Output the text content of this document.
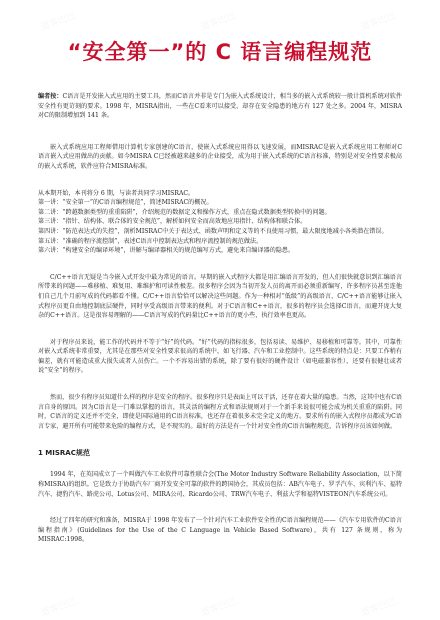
道客巴巴	道客巴巴	道客巴巴
道客巴巴	道客巴巴	道客巴巴
“安全第一”的 C 语言编程规范

编者按：C语言是开发嵌入式应用的主要工具，然而C语言并非是专门为嵌入式系统设计，相当多的嵌入式系统较一般计算机系统对软件安全性有更苛刻的要求。1998 年，MISRA指出，一些在C看来可以接受，却存在安全隐患的地方有 127 处之多。2004 年，MISRA 对C的限制增加到 141 条。

嵌入式系统应用工程师借用计算机专家创建的C语言，使嵌入式系统应用得以飞速发展，而MISRAC是嵌入式系统应用工程师对C语言嵌入式应用做出的贡献。如今MISRA C已经被越来越多的企业接受，成为用于嵌入式系统的C语言标准，特别是对安全性要求极高的嵌入式系统，软件应符合MISRA标准。

从本期开始，本刊将分 6 期，与读者共同学习MISRAC。

第一讲：“安全第一”的C语言编程规范”，简述MISRAC的概况。

第二讲：“跨越数据类型的重重陷阱”，介绍规范的数据定义和操作方式，重点在隐式数据类型转换中的问题。

第三讲：“指针、结构体、联合体的安全规范”，解析如何安全而高效地应用指针、结构体和联合体。

第四讲：“防范表达式的失控”，剖析MISRAC中关于表达式、函数声明和定义等的不良使用习惯，最大限度地减小各类潜在错误。

第五讲：“准确的程序流控制”，表述C语言中控制表达式和程序流控制的规范做法。

第六讲：“构建安全的编译环境”，讲解与编译器相关的规范编写方式，避免来自编译器的隐患。

C/C++语言无疑是当今嵌入式开发中最为常见的语言。早期的嵌入式程序大都是用汇编语言开发的，但人们很快就意识到汇编语言所带来的问题——难移植、难复用、难维护和可读性极差。很多程序会因为当初开发人员的离开而必须重新编写，许多程序员甚至连他们自己几个月前写成的代码都看不懂。C/C++语言恰恰可以解决这些问题。作为一种相对“低级”的高级语言，C/C++语言能够让嵌入式程序员更自由地控制底层硬件，同时享受高级语言带来的便利。对于C语言和C++语言，很多的程序员会选择C语言，而避开庞大复杂的C++语言。这是很容易理解的——C语言写成的代码量比C++语言的更小些，执行效率也更高。

对于程序员来说，能工作的代码并不等于“好”的代码。“好”代码的指标很多，包括易读、易维护、易移植和可靠等。其中，可靠性对嵌入式系统非常重要，尤其是在那些对安全性要求很高的系统中，如飞行器、汽车和工业控制中。这些系统的特点是：只要工作稍有偏差，就有可能造成重大损失或者人员伤亡。一个不容易出错的系统，除了要有很好的硬件设计（如电磁兼容性），还要有很健壮或者说“安全”的程序。

然而，很少有程序员知道什么样的程序是安全的程序。很多程序只是表面上可以干活，还存在着大量的隐患。当然，这其中也有C语言自身的原因。因为C语言是一门难以掌握的语言，其灵活的编程方式和语法规则对于一个新手来说很可能会成为机关重重的陷阱。同时，C语言的定义还并不完全，即使是国际通用的C语言标准，也还存在着很多未完全定义的地方。要求所有的嵌入式程序员都成为C语言专家，避开所有可能带来危险的编程方式，是不现实的。最好的方法是有一个针对安全性的C语言编程规范，告诉程序员该如何做。

1 MISRAC规范

1994 年，在英国成立了一个叫做汽车工业软件可靠性联合会(The Motor Industry Software Reliability Association，以下简称MISRA)的组织。它是致力于协助汽车厂商开发安全可靠的软件的跨国协会，其成员包括：AB汽车电子、罗孚汽车、宾利汽车、福特汽车、捷豹汽车、路虎公司、Lotus公司、MIRA公司、Ricardo公司、TRW汽车电子、利兹大学和福特VISTEON汽车系统公司。

经过了四年的研究和准备，MISRA于 1998 年发布了一个针对汽车工业软件安全性的C语言编程规范——《汽车专用软件的C语言编程指南》(Guidelines for the Use of the C Language in Vehicle Based Software)，共有 127 条规则，称为MISRAC:1998。
